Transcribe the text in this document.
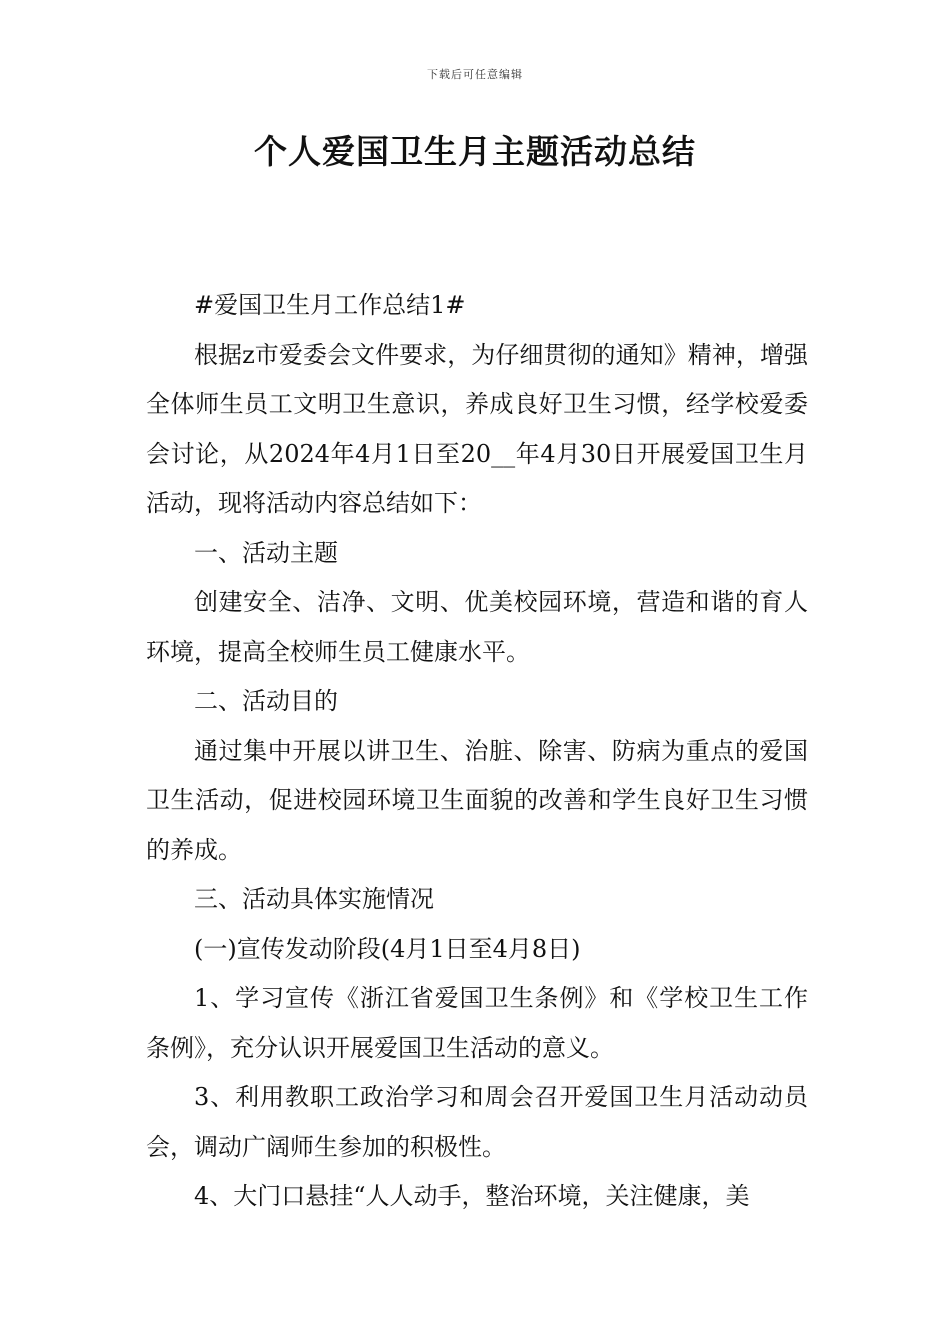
下载后可任意编辑
个人爱国卫生月主题活动总结

#爱国卫生月工作总结1#

根据z市爱委会文件要求，为仔细贯彻的通知》精神，增强全体师生员工文明卫生意识，养成良好卫生习惯，经学校爱委会讨论，从2024年4月1日至20__年4月30日开展爱国卫生月活动，现将活动内容总结如下：

一、活动主题

创建安全、洁净、文明、优美校园环境，营造和谐的育人环境，提高全校师生员工健康水平。

二、活动目的

通过集中开展以讲卫生、治脏、除害、防病为重点的爱国卫生活动，促进校园环境卫生面貌的改善和学生良好卫生习惯的养成。

三、活动具体实施情况

(一)宣传发动阶段(4月1日至4月8日)

1、学习宣传《浙江省爱国卫生条例》和《学校卫生工作条例》，充分认识开展爱国卫生活动的意义。

3、利用教职工政治学习和周会召开爱国卫生月活动动员会，调动广阔师生参加的积极性。

4、大门口悬挂“人人动手，整治环境，关注健康，美
